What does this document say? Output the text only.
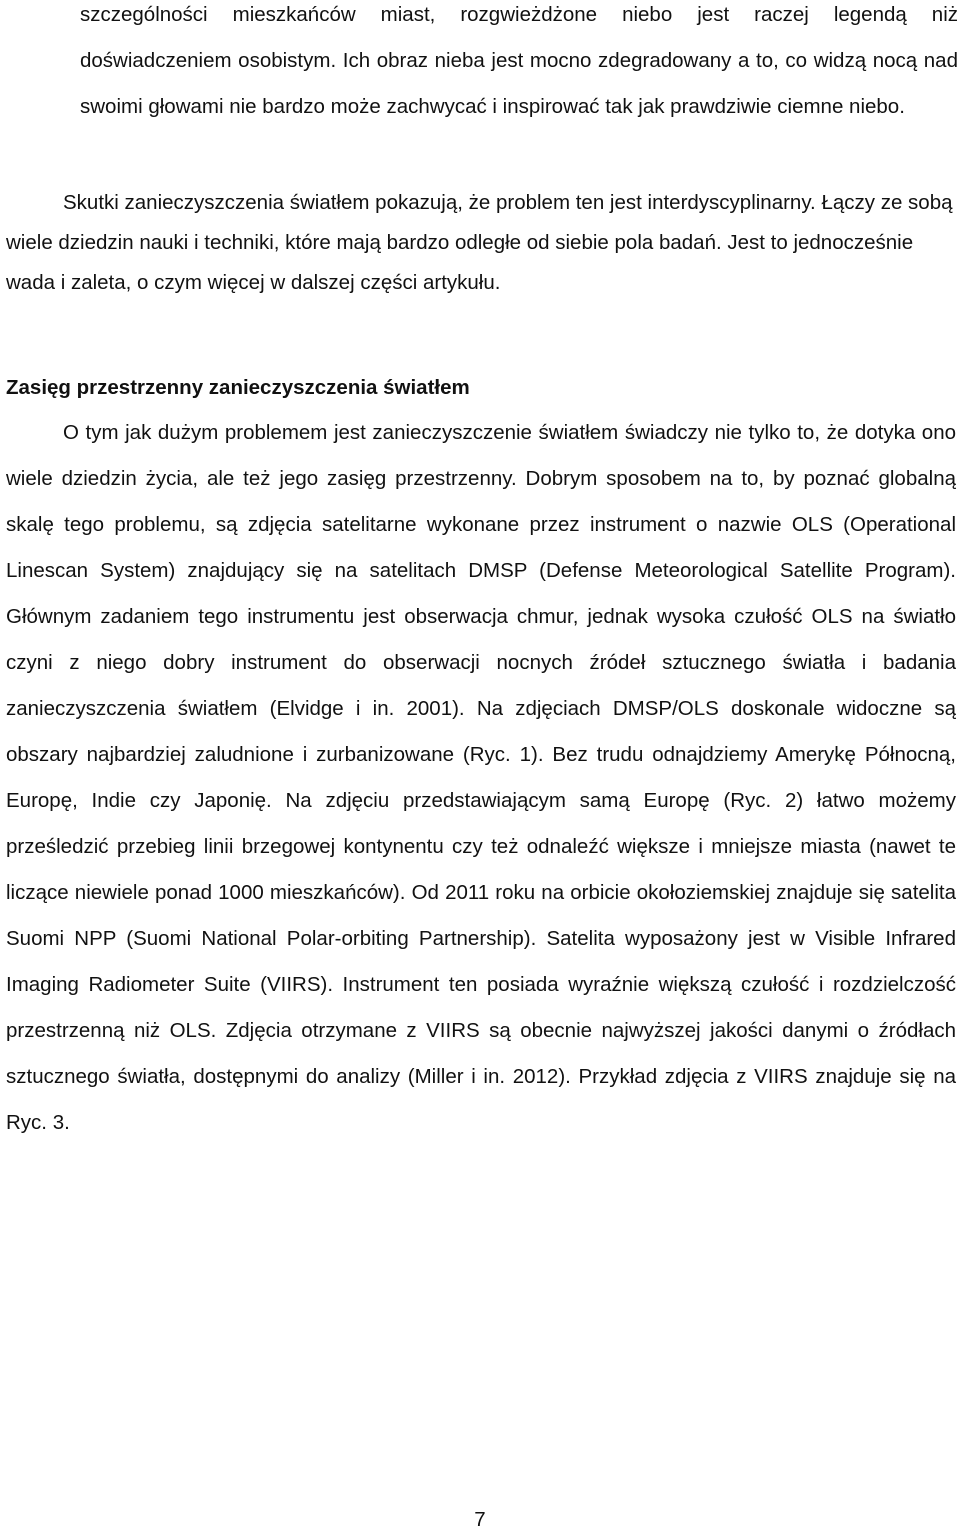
szczególności mieszkańców miast, rozgwieżdżone niebo jest raczej legendą niż doświadczeniem osobistym. Ich obraz nieba jest mocno zdegradowany a to, co widzą nocą nad swoimi głowami nie bardzo może zachwycać i inspirować tak jak prawdziwie ciemne niebo.

Skutki zanieczyszczenia światłem pokazują, że problem ten jest interdyscyplinarny. Łączy ze sobą wiele dziedzin nauki i techniki, które mają bardzo odległe od siebie pola badań. Jest to jednocześnie wada i zaleta, o czym więcej w dalszej części artykułu.

Zasięg przestrzenny zanieczyszczenia światłem

O tym jak dużym problemem jest zanieczyszczenie światłem świadczy nie tylko to, że dotyka ono wiele dziedzin życia, ale też jego zasięg przestrzenny. Dobrym sposobem na to, by poznać globalną skalę tego problemu, są zdjęcia satelitarne wykonane przez instrument o nazwie OLS (Operational Linescan System) znajdujący się na satelitach DMSP (Defense Meteorological Satellite Program). Głównym zadaniem tego instrumentu jest obserwacja chmur, jednak wysoka czułość OLS na światło czyni z niego dobry instrument do obserwacji nocnych źródeł sztucznego światła i badania zanieczyszczenia światłem (Elvidge i in. 2001). Na zdjęciach DMSP/OLS doskonale widoczne są obszary najbardziej zaludnione i zurbanizowane (Ryc. 1). Bez trudu odnajdziemy Amerykę Północną, Europę, Indie czy Japonię. Na zdjęciu przedstawiającym samą Europę (Ryc. 2) łatwo możemy prześledzić przebieg linii brzegowej kontynentu czy też odnaleźć większe i mniejsze miasta (nawet te liczące niewiele ponad 1000 mieszkańców). Od 2011 roku na orbicie okołoziemskiej znajduje się satelita Suomi NPP (Suomi National Polar-orbiting Partnership). Satelita wyposażony jest w Visible Infrared Imaging Radiometer Suite (VIIRS). Instrument ten posiada wyraźnie większą czułość i rozdzielczość przestrzenną niż OLS. Zdjęcia otrzymane z VIIRS są obecnie najwyższej jakości danymi o źródłach sztucznego światła, dostępnymi do analizy (Miller i in. 2012). Przykład zdjęcia z VIIRS znajduje się na Ryc. 3.

7
